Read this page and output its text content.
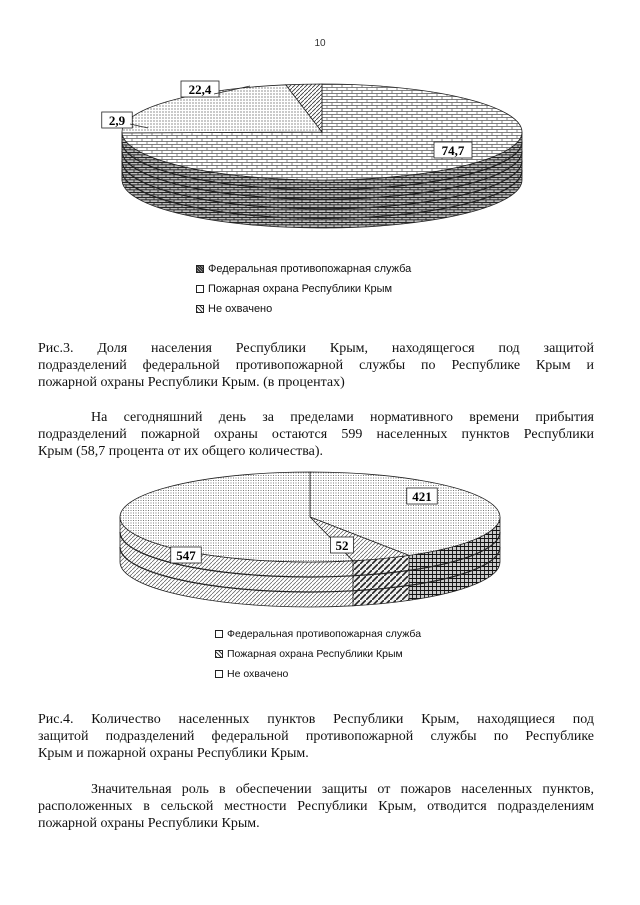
10
74,7
22,4
2,9
Федеральная противопожарная служба
Пожарная охрана Республики Крым
Не охвачено
Рис.3. Доля населения Республики Крым, находящегося под защитой
подразделений федеральной противопожарной службы по Республике Крым и
пожарной охраны Республики Крым. (в процентах)
На сегодняшний день за пределами нормативного времени прибытия
подразделений пожарной охраны остаются 599 населенных пунктов Республики
Крым (58,7 процента от их общего количества).
421
52
547
Федеральная противопожарная служба
Пожарная охрана Республики Крым
Не охвачено
Рис.4. Количество населенных пунктов Республики Крым, находящиеся под
защитой подразделений федеральной противопожарной службы по Республике
Крым и пожарной охраны Республики Крым.
Значительная роль в обеспечении защиты от пожаров населенных пунктов,
расположенных в сельской местности Республики Крым, отводится подразделениям
пожарной охраны Республики Крым.
